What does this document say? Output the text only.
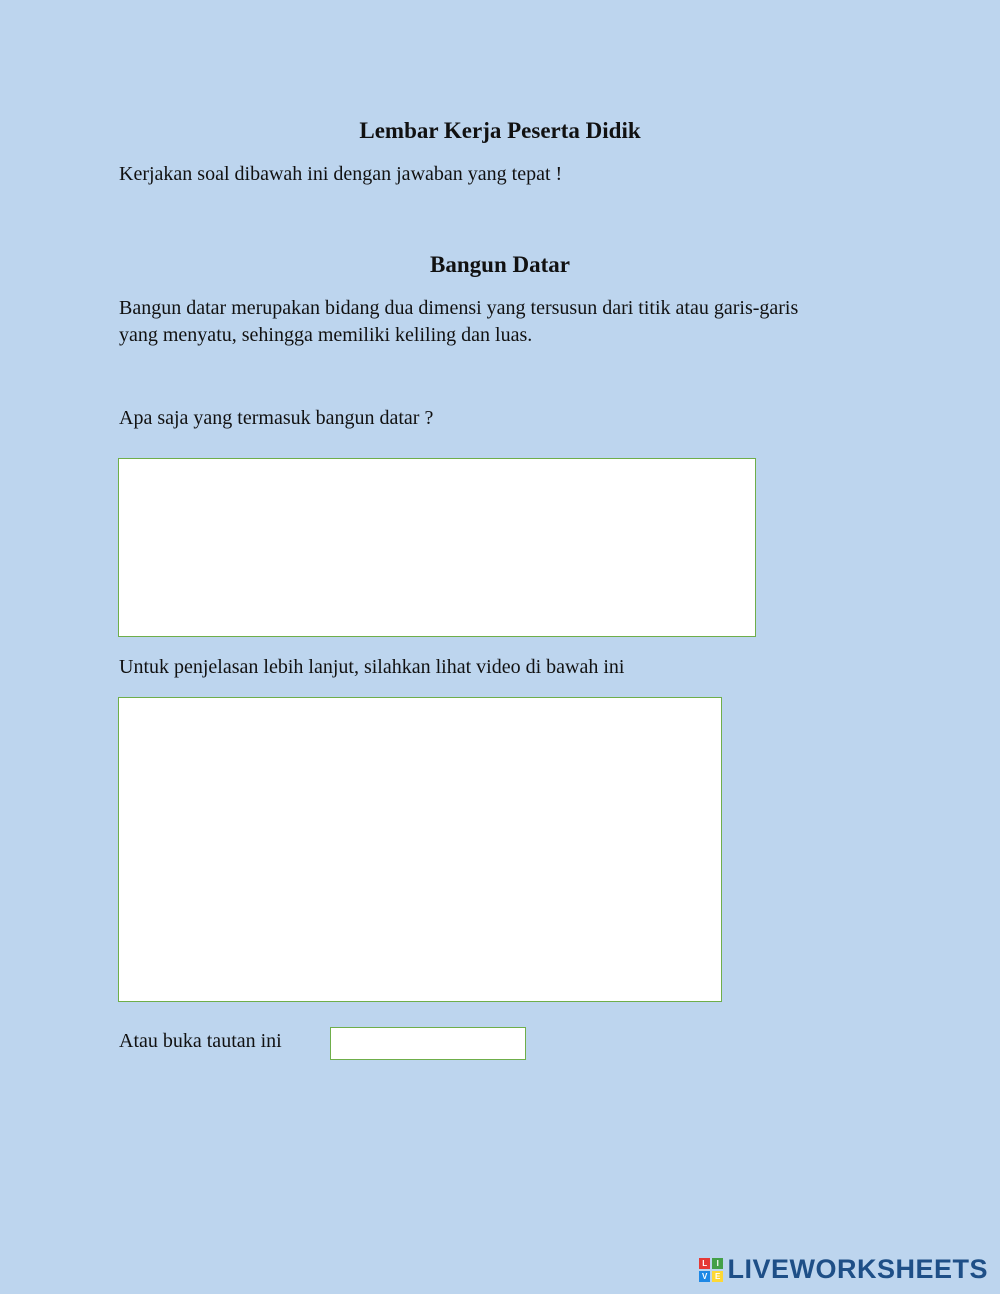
Lembar Kerja Peserta Didik
Kerjakan soal dibawah ini dengan jawaban yang tepat !
Bangun Datar
Bangun datar merupakan bidang dua dimensi yang tersusun dari titik atau garis-garis
yang menyatu, sehingga memiliki keliling dan luas.
Apa saja yang termasuk bangun datar ?
Untuk penjelasan lebih lanjut, silahkan lihat video di bawah ini
Atau buka tautan ini
L	I
V E LIVEWORKSHEETS
